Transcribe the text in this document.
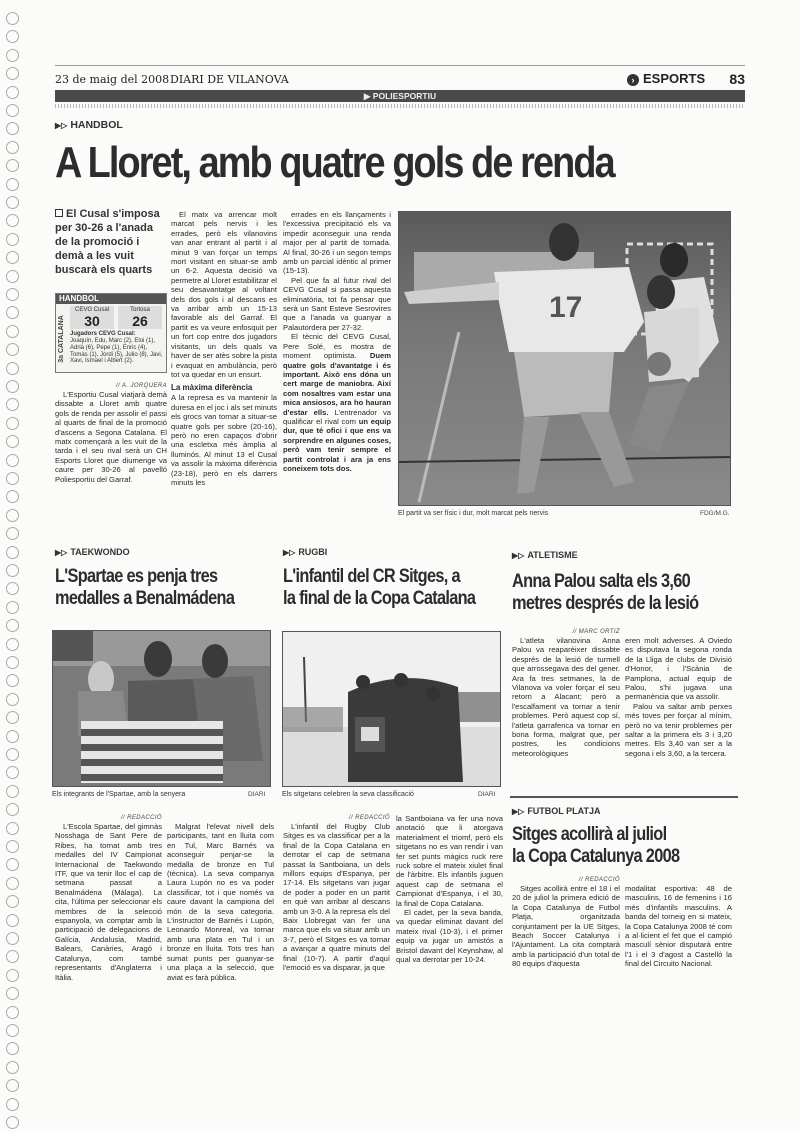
23 de maig del 2008 DIARI DE VILANOVA	› ESPORTS 83
▶ POLIESPORTIU
▶▷ HANDBOL
A Lloret, amb quatre gols de renda
El Cusal s'imposa per 30-26 a l'anada de la promoció i demà a les vuit buscarà els quarts
HANDBOL
3a CATALANA
CEVG Cusal
30
Tortosa
26
Jugadors CEVG Cusal:
Joaquín, Edu, Marc (2), Eloi (1), Adrià (6), Pepe (1), Enric (4), Tomàs (1), Jordi (5), Julio (8), Javi, Xavi, Ismael i Albert (2).
// A. JORQUERA

L'Esportiu Cusal viatjarà demà dissabte a Lloret amb quatre gols de renda per assolir el passi al quarts de final de la promoció d'ascens a Segona Catalana. El matx començarà a les vuit de la tarda i el seu rival serà un CH Esports Lloret que diumenge va caure per 30-26 al pavelló Poliesportiu del Garraf.

El matx va arrencar molt marcat pels nervis i les errades, però els vilanovins van anar entrant al partit i al minut 9 van forçar un temps mort visitant en situar-se amb un 6-2. Aquesta decisió va permetre al Lloret estabilitzar el seu desavantatge al voltant dels dos gols i al descans es va arribar amb un 15-13 favorable als del Garraf. El partit es va veure enfosquit per un fort cop entre dos jugadors visitants, un dels quals va haver de ser atès sobre la pista i evaquat en ambulància, però tot va quedar en un ensurt.

La màxima diferència

A la represa es va mantenir la duresa en el joc i als set minuts els grocs van tornar a situar-se quatre gols per sobre (20-16), però no eren capaços d'obrir una escletxa més àmplia al lluminós. Al minut 13 el Cusal va assolir la màxima diferència (23-18), però en els darrers minuts les

errades en els llançaments i l'excessiva precipitació els va impedir aconseguir una renda major per al partit de tornada. Al final, 30-26 i un segon temps amb un parcial idèntic al primer (15-13).

Pel que fa al futur rival del CEVG Cusal si passa aquesta eliminatòria, tot fa pensar que serà un Sant Esteve Sesrovires que a l'anada va guanyar a Palautordera per 27-32.

El tècnic del CEVG Cusal, Pere Solé, es mostra de moment optimista. Duem quatre gols d'avantatge i és important. Això ens dóna un cert marge de maniobra. Així com nosaltres vam estar una mica ansiosos, ara ho hauran d'estar ells. L'entrenador va qualificar el rival com un equip dur, que té ofici i que ens va sorprendre en algunes coses, però vam tenir sempre el partit controlat i ara ja ens coneixem tots dos.

17
El partit va ser físic i dur, molt marcat pels nervis	FDG/M.G.
▶▷ TAEKWONDO
L'Spartae es penja tres
medalles a Benalmádena
Els integrants de l'Spartae, amb la senyera	DIARI
// REDACCIÓ

L'Escola Spartae, del gimnàs Nosshaga de Sant Pere de Ribes, ha tornat amb tres medalles del IV Campionat Internacional de Taekwondo ITF, que va tenir lloc el cap de setmana passat a Benalmádena (Màlaga). La cita, l'última per seleccionar els membres de la selecció espanyola, va comptar amb la participació de delegacions de Galícia, Andalusia, Madrid, Balears, Canàries, Aragó i Catalunya, com també representants d'Anglaterra i Itàlia.

Malgrat l'elevat nivell dels participants, tant en lluita com en Tul, Marc Barnés va aconseguir penjar-se la medalla de bronze en Tul (tècnica). La seva companya Laura Lupón no es va poder classificar, tot i que només va caure davant la campiona del món de la seva categoria. L'instructor de Barnés i Lupón, Leonardo Monreal, va tornar amb una plata en Tul i un bronze en lluita. Tots tres han sumat punts per guanyar-se una plaça a la selecció, que aviat es farà pública.

▶▷ RUGBI
L'infantil del CR Sitges, a
la final de la Copa Catalana
Els sitgetans celebren la seva classificació	DIARI
// REDACCIÓ

L'infantil del Rugby Club Sitges es va classificar per a la final de la Copa Catalana en derrotar el cap de setmana passat la Santboiana, un dels millors equips d'Espanya, per 17-14. Els sitgetans van jugar de poder a poder en un partit en què van arribar al descans amb un 3-0. A la represa els del Baix Llobregat van fer una marca que els va situar amb un 3-7, però el Sitges es va tornar a avançar a quatre minuts del final (10-7). A partir d'aquí l'emoció es va disparar, ja que

la Santboiana va fer una nova anotació que li atorgava materialment el triomf, però els sitgetans no es van rendir i van fer set punts màgics ruck rere ruck sobre el mateix xiulet final de l'àrbitre. Els infantils juguen aquest cap de setmana el Campionat d'Espanya, i el 30, la final de Copa Catalana.

El cadet, per la seva banda, va quedar eliminat davant del mateix rival (10-3), i el primer equip va jugar un amistós a Bristol davant del Keynshaw, al qual va derrotar per 10-24.

▶▷ ATLETISME
Anna Palou salta els 3,60
metres després de la lesió
// MARC ORTIZ

L'atleta vilanovina Anna Palou va reaparèixer dissabte després de la lesió de turmell que arrossegava des del gener. Ara fa tres setmanes, la de Vilanova va voler forçar el seu retorn a Alacant; però a l'escalfament va tornar a tenir problemes. Però aquest cop sí, l'atleta garrafenca va tornar en bona forma, malgrat que, per postres, les condicions meteorològiques

eren molt adverses. A Oviedo es disputava la segona ronda de la Lliga de clubs de Divisió d'Honor, i l'Scània de Pamplona, actual equip de Palou, s'hi jugava una permanència que va assolir.

Palou va saltar amb perxes més toves per forçar al mínim, però no va tenir problemes per saltar a la primera els 3 i 3,20 metres. Els 3,40 van ser a la segona i els 3,60, a la tercera.

▶▷ FUTBOL PLATJA
Sitges acollirà al juliol
la Copa Catalunya 2008
// REDACCIÓ

Sitges acollirà entre el 18 i el 20 de juliol la primera edició de la Copa Catalunya de Futbol Platja, organitzada conjuntament per la UE Sitges, Beach Soccer Catalunya i l'Ajuntament. La cita comptarà amb la participació d'un total de 80 equips d'aquesta

modalitat esportiva: 48 de masculins, 16 de femenins i 16 més d'infantils masculins. A banda del torneig en si mateix, la Copa Catalunya 2008 té com a al·licient el fet que el campió masculí sènior disputarà entre l'1 i el 3 d'agost a Castelló la final del Circuito Nacional.
